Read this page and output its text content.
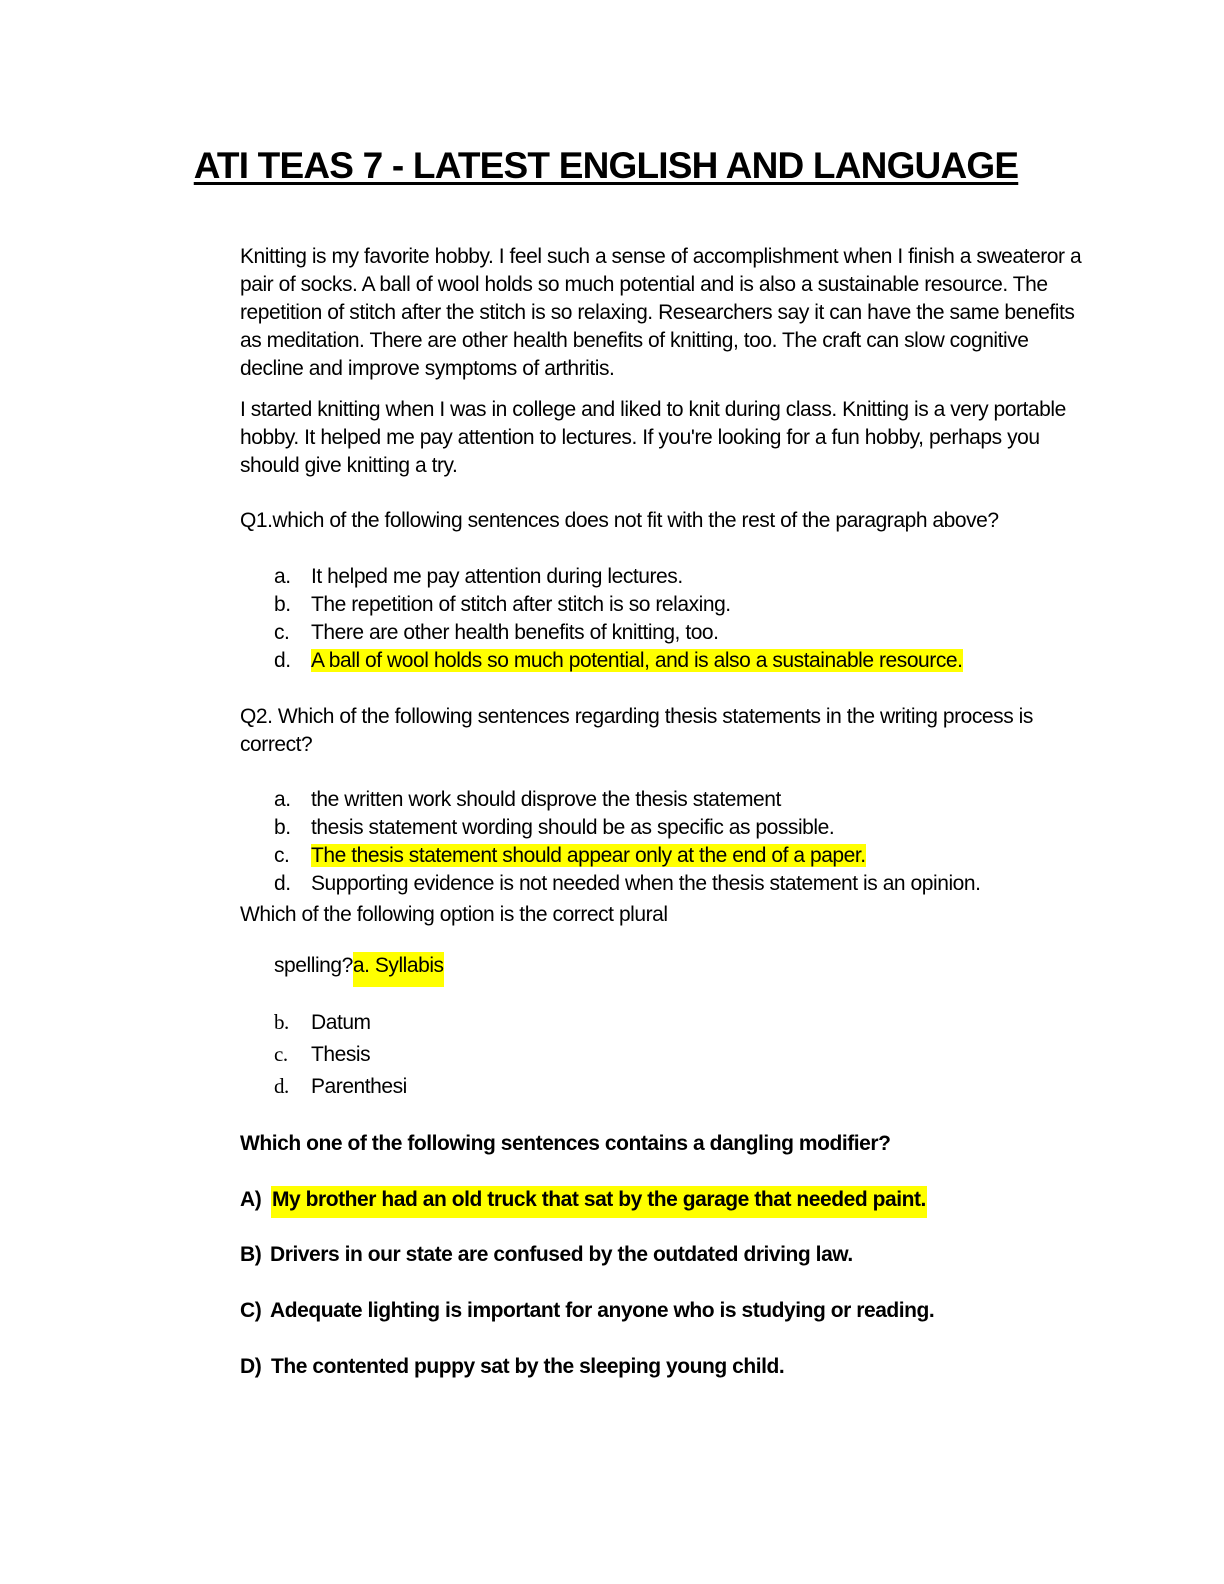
ATI TEAS 7 - LATEST ENGLISH AND LANGUAGE

Knitting is my favorite hobby. I feel such a sense of accomplishment when I finish a sweateror a pair of socks. A ball of wool holds so much potential and is also a sustainable resource. The repetition of stitch after the stitch is so relaxing. Researchers say it can have the same benefits as meditation. There are other health benefits of knitting, too. The craft can slow cognitive decline and improve symptoms of arthritis.

I started knitting when I was in college and liked to knit during class. Knitting is a very portable hobby. It helped me pay attention to lectures. If you're looking for a fun hobby, perhaps you should give knitting a try.

Q1.which of the following sentences does not fit with the rest of the paragraph above?

a. It helped me pay attention during lectures.
b. The repetition of stitch after stitch is so relaxing.
c. There are other health benefits of knitting, too.
d. A ball of wool holds so much potential, and is also a sustainable resource.

Q2. Which of the following sentences regarding thesis statements in the writing process is

correct?

a. the written work should disprove the thesis statement
b. thesis statement wording should be as specific as possible.
c. The thesis statement should appear only at the end of a paper.
d. Supporting evidence is not needed when the thesis statement is an opinion.

Which of the following option is the correct plural

spelling?a. Syllabis

b. Datum
c. Thesis
d. Parenthesi

Which one of the following sentences contains a dangling modifier?

A) My brother had an old truck that sat by the garage that needed paint.

B) Drivers in our state are confused by the outdated driving law.

C) Adequate lighting is important for anyone who is studying or reading.

D) The contented puppy sat by the sleeping young child.
